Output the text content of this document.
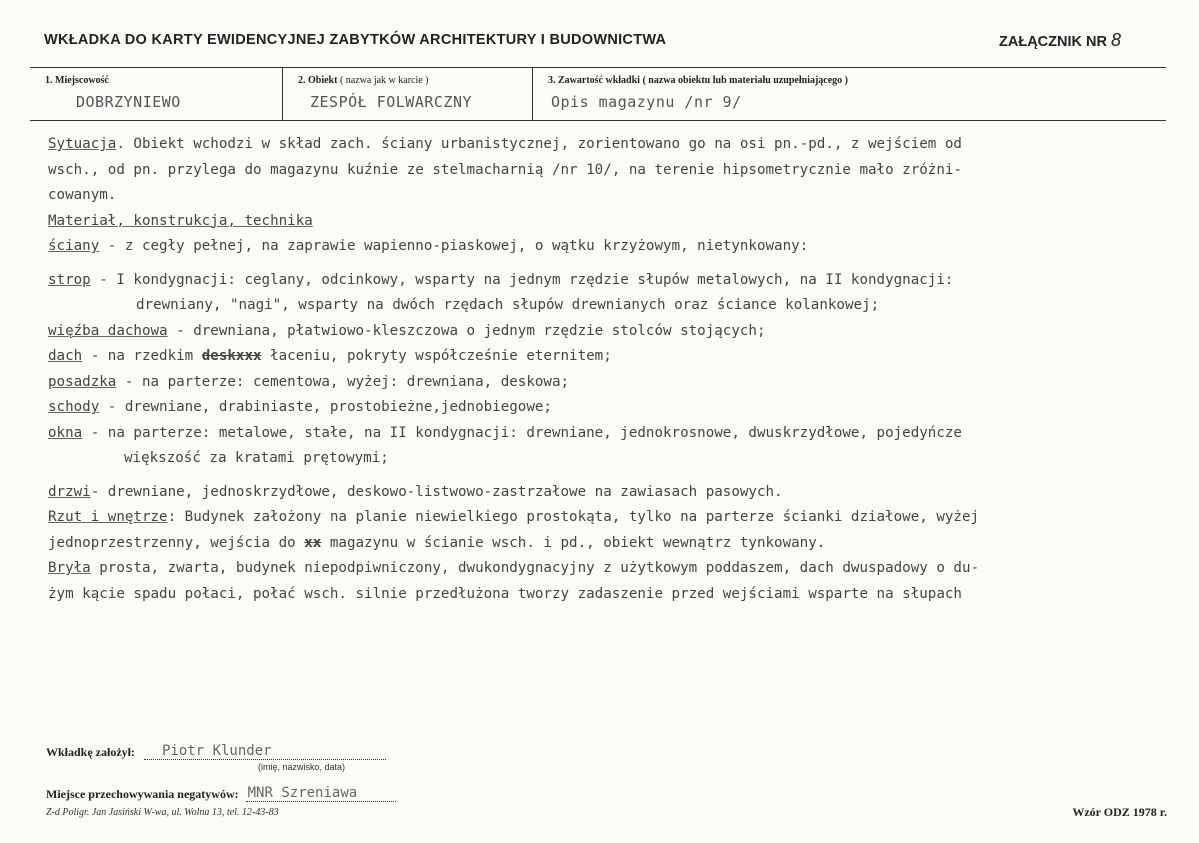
WKŁADKA DO KARTY EWIDENCYJNEJ ZABYTKÓW ARCHITEKTURY I BUDOWNICTWA	ZAŁĄCZNIK NR 8
1. Miejscowość
DOBRZYNIEWO
2. Obiekt ( nazwa jak w karcie )
ZESPÓŁ FOLWARCZNY
3. Zawartość wkładki ( nazwa obiektu lub materiału uzupełniającego )
Opis magazynu /nr 9/
Sytuacja. Obiekt wchodzi w skład zach. ściany urbanistycznej, zorientowano go na osi pn.-pd., z wejściem od
wsch., od pn. przylega do magazynu kuźnie ze stelmacharnią /nr 10/, na terenie hipsometrycznie mało zróżni-
cowanym.
Materiał, konstrukcja, technika
ściany - z cegły pełnej, na zaprawie wapienno-piaskowej, o wątku krzyżowym, nietynkowany:
strop - I kondygnacji: ceglany, odcinkowy, wsparty na jednym rzędzie słupów metalowych, na II kondygnacji:
drewniany, "nagi", wsparty na dwóch rzędach słupów drewnianych oraz ściance kolankowej;
więźba dachowa - drewniana, płatwiowo-kleszczowa o jednym rzędzie stolców stojących;
dach - na rzedkim deskxxx łaceniu, pokryty współcześnie eternitem;
posadzka - na parterze: cementowa, wyżej: drewniana, deskowa;
schody - drewniane, drabiniaste, prostobieżne,jednobiegowe;
okna - na parterze: metalowe, stałe, na II kondygnacji: drewniane, jednokrosnowe, dwuskrzydłowe, pojedyńcze
większość za kratami prętowymi;
drzwi- drewniane, jednoskrzydłowe, deskowo-listwowo-zastrzałowe na zawiasach pasowych.
Rzut i wnętrze: Budynek założony na planie niewielkiego prostokąta, tylko na parterze ścianki działowe, wyżej
jednoprzestrzenny, wejścia do xx magazynu w ścianie wsch. i pd., obiekt wewnątrz tynkowany.
Bryła prosta, zwarta, budynek niepodpiwniczony, dwukondygnacyjny z użytkowym poddaszem, dach dwuspadowy o du-
żym kącie spadu połaci, połać wsch. silnie przedłużona tworzy zadaszenie przed wejściami wsparte na słupach
Wkładkę założył: Piotr Klunder
(imię, nazwisko, data)
Miejsce przechowywania negatywów: MNR Szreniawa
Z-d Poligr. Jan Jasiński W-wa, ul. Wolna 13, tel. 12-43-83	Wzór ODZ 1978 r.
